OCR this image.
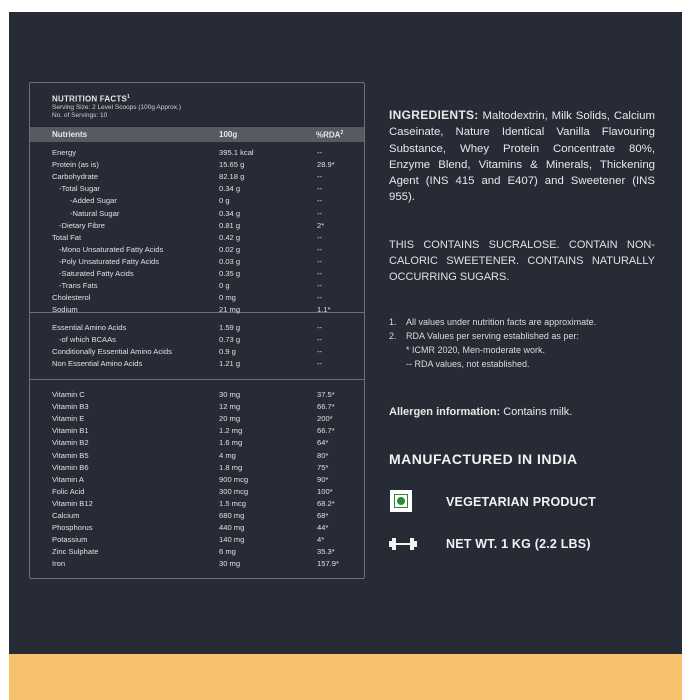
NUTRITION FACTS$^1$
Serving Size: 2 Level Scoops (100g Approx.)
No. of Servings: 10
Nutrients	100g	%RDA$^2$
Energy	395.1 kcal	--
Protein (as is)	15.65 g	28.9*
Carbohydrate	82.18 g	--
-Total Sugar	0.34 g	--
-Added Sugar	0 g	--
-Natural Sugar	0.34 g	--
-Dietary Fibre	0.81 g	2*
Total Fat	0.42 g	--
-Mono Unsaturated Fatty Acids	0.02 g	--
-Poly Unsaturated Fatty Acids	0.03 g	--
-Saturated Fatty Acids	0.35 g	--
-Trans Fats	0 g	--
Cholesterol	0 mg	--
Sodium	21 mg	1.1*
Essential Amino Acids	1.59 g	--
-of which BCAAs	0.73 g	--
Conditionally Essential Amino Acids	0.9 g	--
Non Essential Amino Acids	1.21 g	--
Vitamin C	30 mg	37.5*
Vitamin B3	12 mg	66.7*
Vitamin E	20 mg	200*
Vitamin B1	1.2 mg	66.7*
Vitamin B2	1.6 mg	64*
Vitamin B5	4 mg	80*
Vitamin B6	1.8 mg	75*
Vitamin A	900 mcg	90*
Folic Acid	300 mcg	100*
Vitamin B12	1.5 mcg	68.2*
Calcium	680 mg	68*
Phosphorus	440 mg	44*
Potassium	140 mg	4*
Zinc Sulphate	6 mg	35.3*
Iron	30 mg	157.9*
INGREDIENTS: Maltodextrin, Milk Solids, Calcium Caseinate, Nature Identical Vanilla Flavouring Substance, Whey Protein Concentrate 80%, Enzyme Blend, Vitamins & Minerals, Thickening Agent (INS 415 and E407) and Sweetener (INS 955).
THIS CONTAINS SUCRALOSE. CONTAIN NON-CALORIC SWEETENER. CONTAINS NATURALLY OCCURRING SUGARS.
1. All values under nutrition facts are approximate.
2. RDA Values per serving established as per:
* ICMR 2020, Men-moderate work.
-- RDA values, not established.
Allergen information: Contains milk.
MANUFACTURED IN INDIA
VEGETARIAN PRODUCT
NET WT. 1 KG (2.2 LBS)
